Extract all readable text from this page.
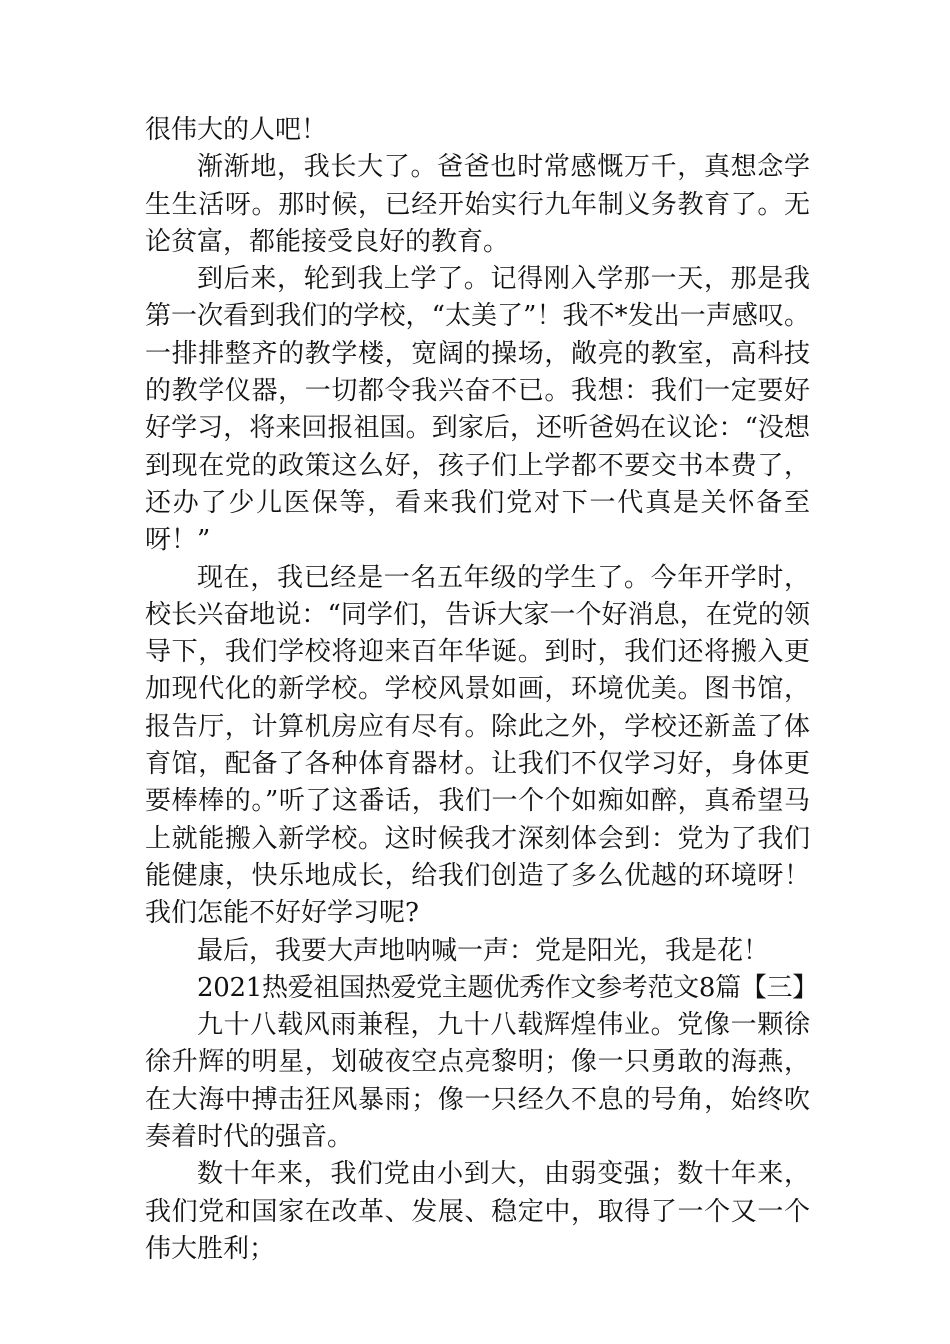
很伟大的人吧！

渐渐地，我长大了。爸爸也时常感慨万千，真想念学生生活呀。那时候，已经开始实行九年制义务教育了。无论贫富，都能接受良好的教育。

到后来，轮到我上学了。记得刚入学那一天，那是我第一次看到我们的学校，“太美了”！我不*发出一声感叹。一排排整齐的教学楼，宽阔的操场，敞亮的教室，高科技的教学仪器，一切都令我兴奋不已。我想：我们一定要好好学习，将来回报祖国。到家后，还听爸妈在议论：“没想到现在党的政策这么好，孩子们上学都不要交书本费了，还办了少儿医保等，看来我们党对下一代真是关怀备至呀！”

现在，我已经是一名五年级的学生了。今年开学时，校长兴奋地说：“同学们，告诉大家一个好消息，在党的领导下，我们学校将迎来百年华诞。到时，我们还将搬入更加现代化的新学校。学校风景如画，环境优美。图书馆，报告厅，计算机房应有尽有。除此之外，学校还新盖了体育馆，配备了各种体育器材。让我们不仅学习好，身体更要棒棒的。”听了这番话，我们一个个如痴如醉，真希望马上就能搬入新学校。这时候我才深刻体会到：党为了我们能健康，快乐地成长，给我们创造了多么优越的环境呀！我们怎能不好好学习呢?

最后，我要大声地呐喊一声：党是阳光，我是花！

2021热爱祖国热爱党主题优秀作文参考范文8篇【三】

九十八载风雨兼程，九十八载辉煌伟业。党像一颗徐徐升辉的明星，划破夜空点亮黎明；像一只勇敢的海燕，在大海中搏击狂风暴雨；像一只经久不息的号角，始终吹奏着时代的强音。

数十年来，我们党由小到大，由弱变强；数十年来，我们党和国家在改革、发展、稳定中，取得了一个又一个伟大胜利；
